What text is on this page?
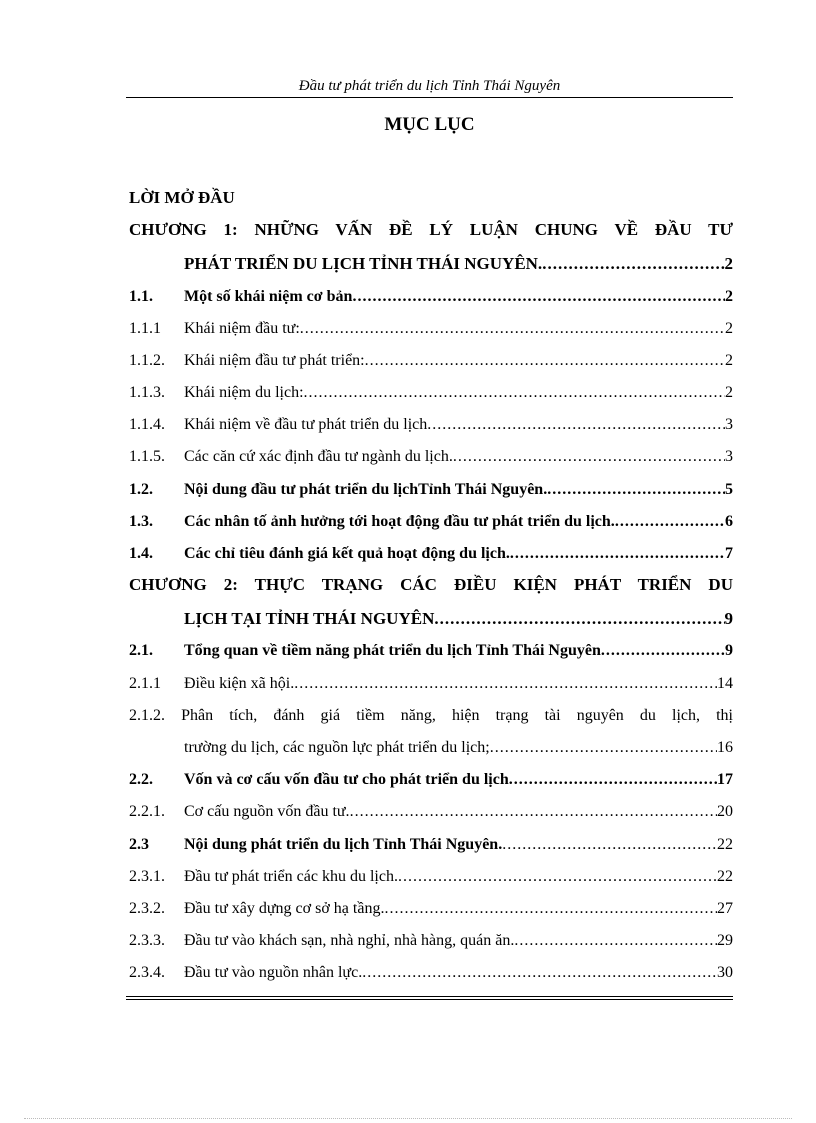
Đầu tư phát triển du lịch Tỉnh Thái Nguyên
MỤC LỤC
LỜI MỞ ĐẦU
CHƯƠNG 1: NHỮNG VẤN ĐỀ LÝ LUẬN CHUNG VỀ ĐẦU TƯ
PHÁT TRIỂN DU LỊCH TỈNH THÁI NGUYÊN. .....	2
1.1.	Một số khái niệm cơ bản .....	2
1.1.1	Khái niệm đầu tư: .....	2
1.1.2.	Khái niệm đầu tư phát triển: .....	2
1.1.3.	Khái niệm du lịch: .....	2
1.1.4.	Khái niệm về đầu tư phát triển du lịch .....	3
1.1.5.	Các căn cứ xác định đầu tư ngành du lịch. .....	3
1.2.	Nội dung đầu tư phát triển du lịchTỉnh Thái Nguyên. .....	5
1.3.	Các nhân tố ảnh hưởng tới hoạt động đầu tư phát triển du lịch. .....	6
1.4.	Các chỉ tiêu đánh giá kết quả hoạt động du lịch. .....	7
CHƯƠNG 2: THỰC TRẠNG CÁC ĐIỀU KIỆN PHÁT TRIỂN DU
LỊCH TẠI TỈNH THÁI NGUYÊN .....	9
2.1.	Tổng quan về tiềm năng phát triển du lịch Tỉnh Thái Nguyên .....	9
2.1.1	Điều kiện xã hội. .....	14
2.1.2. Phân tích, đánh giá tiềm năng, hiện trạng tài nguyên du lịch, thị
trường du lịch, các nguồn lực phát triển du lịch; .....	16
2.2.	Vốn và cơ cấu vốn đầu tư cho phát triển du lịch .....	17
2.2.1.	Cơ cấu nguồn vốn đầu tư. .....	20
2.3	Nội dung phát triển du lịch Tỉnh Thái Nguyên. .....	22
2.3.1.	Đầu tư phát triển các khu du lịch. .....	22
2.3.2.	Đầu tư xây dựng cơ sở hạ tầng. .....	27
2.3.3.	Đầu tư vào khách sạn, nhà nghỉ, nhà hàng, quán ăn. .....	29
2.3.4.	Đầu tư vào nguồn nhân lực. .....	30
